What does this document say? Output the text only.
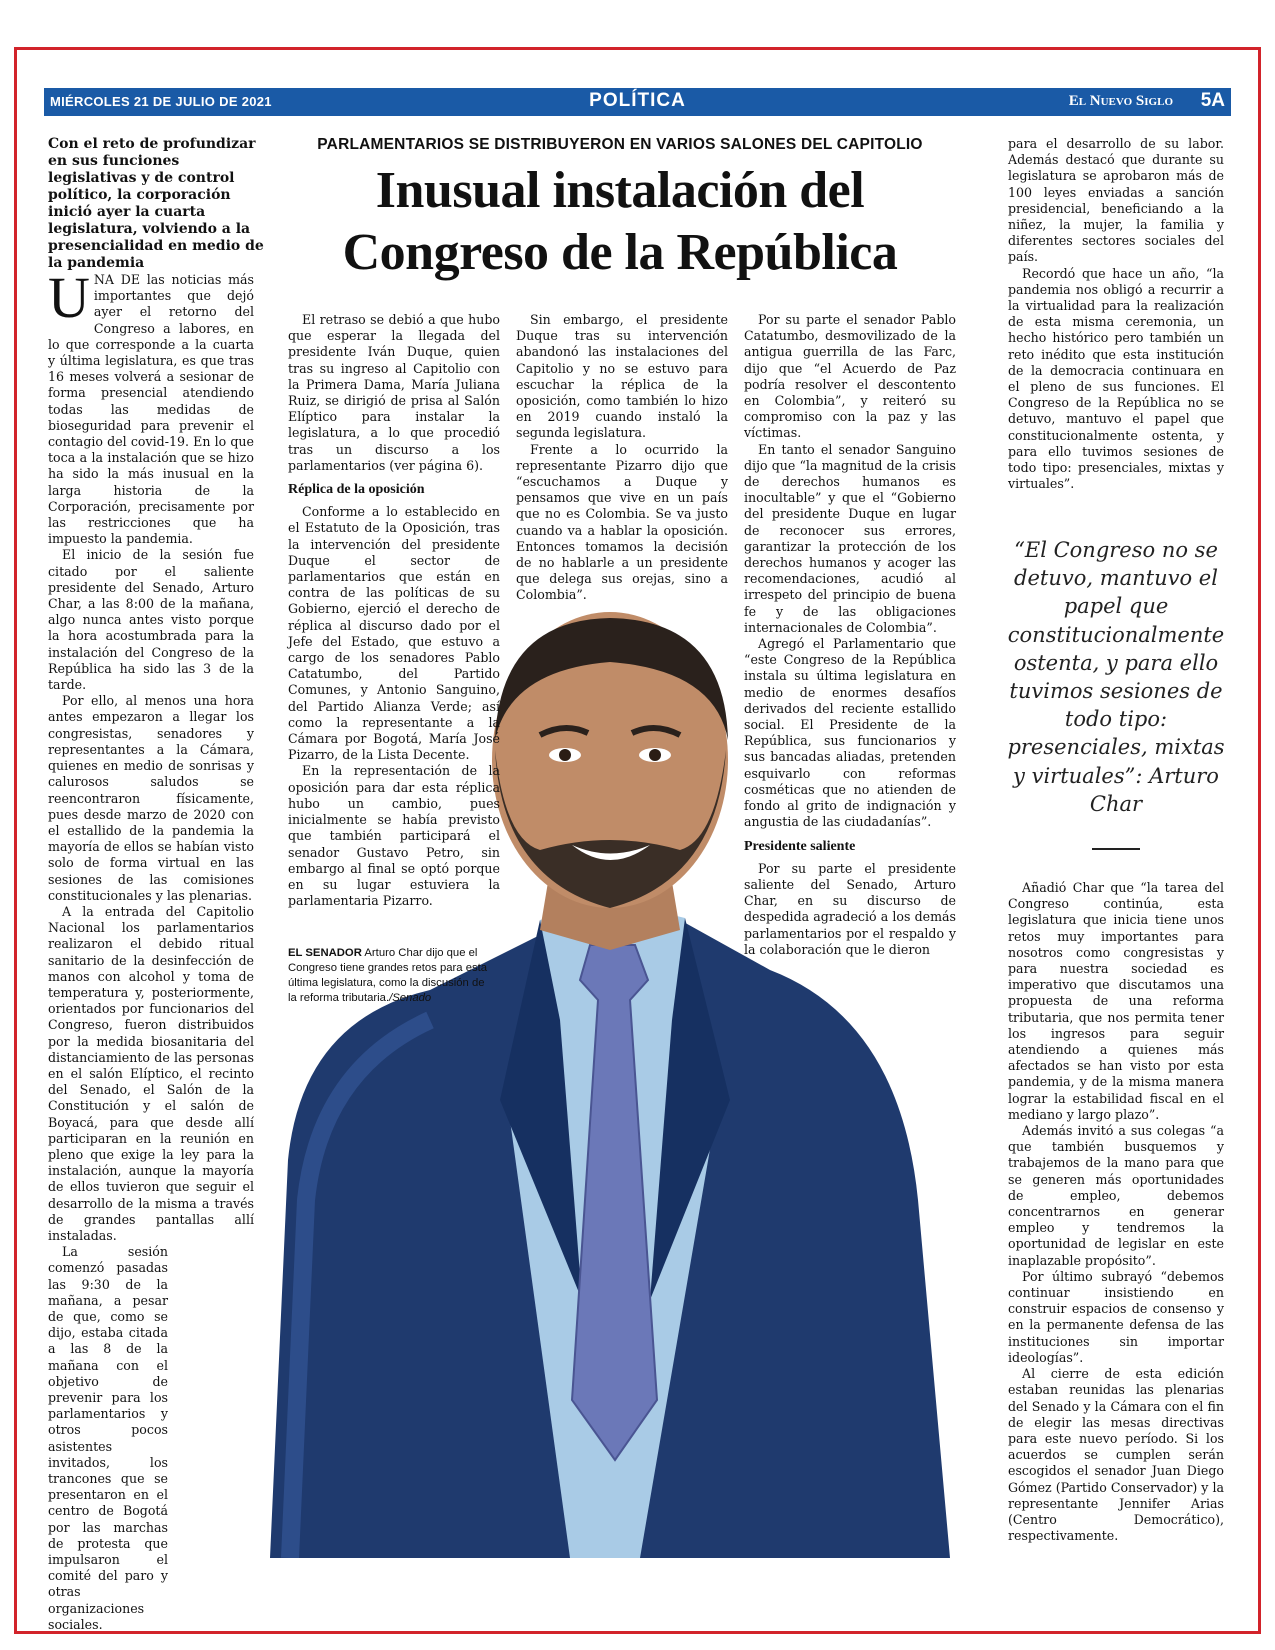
MIÉRCOLES 21 DE JULIO DE 2021	POLÍTICA	El Nuevo Siglo 5A
Con el reto de profundizar en sus funciones legislativas y de control político, la corporación inició ayer la cuarta legislatura, volviendo a la presencialidad en medio de la pandemia
PARLAMENTARIOS SE DISTRIBUYERON EN VARIOS SALONES DEL CAPITOLIO
Inusual instalación del Congreso de la República
U NA DE las noticias más importantes que dejó ayer el retorno del Congreso a labores, en lo que corresponde a la cuarta y última legislatura, es que tras 16 meses volverá a sesionar de forma presencial atendiendo todas las medidas de bioseguridad para prevenir el contagio del covid-19. En lo que toca a la instalación que se hizo ha sido la más inusual en la larga historia de la Corporación, precisamente por las restricciones que ha impuesto la pandemia.

El inicio de la sesión fue citado por el saliente presidente del Senado, Arturo Char, a las 8:00 de la mañana, algo nunca antes visto porque la hora acostumbrada para la instalación del Congreso de la República ha sido las 3 de la tarde.

Por ello, al menos una hora antes empezaron a llegar los congresistas, senadores y representantes a la Cámara, quienes en medio de sonrisas y calurosos saludos se reencontraron físicamente, pues desde marzo de 2020 con el estallido de la pandemia la mayoría de ellos se habían visto solo de forma virtual en las sesiones de las comisiones constitucionales y las plenarias.

A la entrada del Capitolio Nacional los parlamentarios realizaron el debido ritual sanitario de la desinfección de manos con alcohol y toma de temperatura y, posteriormente, orientados por funcionarios del Congreso, fueron distribuidos por la medida biosanitaria del distanciamiento de las personas en el salón Elíptico, el recinto del Senado, el Salón de la Constitución y el salón de Boyacá, para que desde allí participaran en la reunión en pleno que exige la ley para la instalación, aunque la mayoría de ellos tuvieron que seguir el desarrollo de la misma a través de grandes pantallas allí instaladas.

La sesión comenzó pasadas las 9:30 de la mañana, a pesar de que, como se dijo, estaba citada a las 8 de la mañana con el objetivo de prevenir para los parlamentarios y otros pocos asistentes invitados, los trancones que se presentaron en el centro de Bogotá por las marchas de protesta que impulsaron el comité del paro y otras organizaciones sociales.

El retraso se debió a que hubo que esperar la llegada del presidente Iván Duque, quien tras su ingreso al Capitolio con la Primera Dama, María Juliana Ruiz, se dirigió de prisa al Salón Elíptico para instalar la legislatura, a lo que procedió tras un discurso a los parlamentarios (ver página 6).

Réplica de la oposición

Conforme a lo establecido en el Estatuto de la Oposición, tras la intervención del presidente Duque el sector de parlamentarios que están en contra de las políticas de su Gobierno, ejerció el derecho de réplica al discurso dado por el Jefe del Estado, que estuvo a cargo de los senadores Pablo Catatumbo, del Partido Comunes, y Antonio Sanguino, del Partido Alianza Verde; así como la representante a la Cámara por Bogotá, María José Pizarro, de la Lista Decente.

En la representación de la oposición para dar esta réplica hubo un cambio, pues inicialmente se había previsto que también participará el senador Gustavo Petro, sin embargo al final se optó porque en su lugar estuviera la parlamentaria Pizarro.

Sin embargo, el presidente Duque tras su intervención abandonó las instalaciones del Capitolio y no se estuvo para escuchar la réplica de la oposición, como también lo hizo en 2019 cuando instaló la segunda legislatura.

Frente a lo ocurrido la representante Pizarro dijo que “escuchamos a Duque y pensamos que vive en un país que no es Colombia. Se va justo cuando va a hablar la oposición. Entonces tomamos la decisión de no hablarle a un presidente que delega sus orejas, sino a Colombia”.

Por su parte el senador Pablo Catatumbo, desmovilizado de la antigua guerrilla de las Farc, dijo que “el Acuerdo de Paz podría resolver el descontento en Colombia”, y reiteró su compromiso con la paz y las víctimas.

En tanto el senador Sanguino dijo que “la magnitud de la crisis de derechos humanos es inocultable” y que el “Gobierno del presidente Duque en lugar de reconocer sus errores, garantizar la protección de los derechos humanos y acoger las recomendaciones, acudió al irrespeto del principio de buena fe y de las obligaciones internacionales de Colombia”.

Agregó el Parlamentario que “este Congreso de la República instala su última legislatura en medio de enormes desafíos derivados del reciente estallido social. El Presidente de la República, sus funcionarios y sus bancadas aliadas, pretenden esquivarlo con reformas cosméticas que no atienden de fondo al grito de indignación y angustia de las ciudadanías”.

Presidente saliente

Por su parte el presidente saliente del Senado, Arturo Char, en su discurso de despedida agradeció a los demás parlamentarios por el respaldo y la colaboración que le dieron

para el desarrollo de su labor. Además destacó que durante su legislatura se aprobaron más de 100 leyes enviadas a sanción presidencial, beneficiando a la niñez, la mujer, la familia y diferentes sectores sociales del país.

Recordó que hace un año, “la pandemia nos obligó a recurrir a la virtualidad para la realización de esta misma ceremonia, un hecho histórico pero también un reto inédito que esta institución de la democracia continuara en el pleno de sus funciones. El Congreso de la República no se detuvo, mantuvo el papel que constitucionalmente ostenta, y para ello tuvimos sesiones de todo tipo: presenciales, mixtas y virtuales”.

“El Congreso no se detuvo, mantuvo el papel que constitucionalmente ostenta, y para ello tuvimos sesiones de todo tipo: presenciales, mixtas y virtuales”: Arturo Char

Añadió Char que “la tarea del Congreso continúa, esta legislatura que inicia tiene unos retos muy importantes para nosotros como congresistas y para nuestra sociedad es imperativo que discutamos una propuesta de una reforma tributaria, que nos permita tener los ingresos para seguir atendiendo a quienes más afectados se han visto por esta pandemia, y de la misma manera lograr la estabilidad fiscal en el mediano y largo plazo”.

Además invitó a sus colegas “a que también busquemos y trabajemos de la mano para que se generen más oportunidades de empleo, debemos concentrarnos en generar empleo y tendremos la oportunidad de legislar en este inaplazable propósito”.

Por último subrayó “debemos continuar insistiendo en construir espacios de consenso y en la permanente defensa de las instituciones sin importar ideologías”.

Al cierre de esta edición estaban reunidas las plenarias del Senado y la Cámara con el fin de elegir las mesas directivas para este nuevo período. Si los acuerdos se cumplen serán escogidos el senador Juan Diego Gómez (Partido Conservador) y la representante Jennifer Arias (Centro Democrático), respectivamente.

EL SENADOR Arturo Char dijo que el Congreso tiene grandes retos para esta última legislatura, como la discusión de la reforma tributaria./Senado
